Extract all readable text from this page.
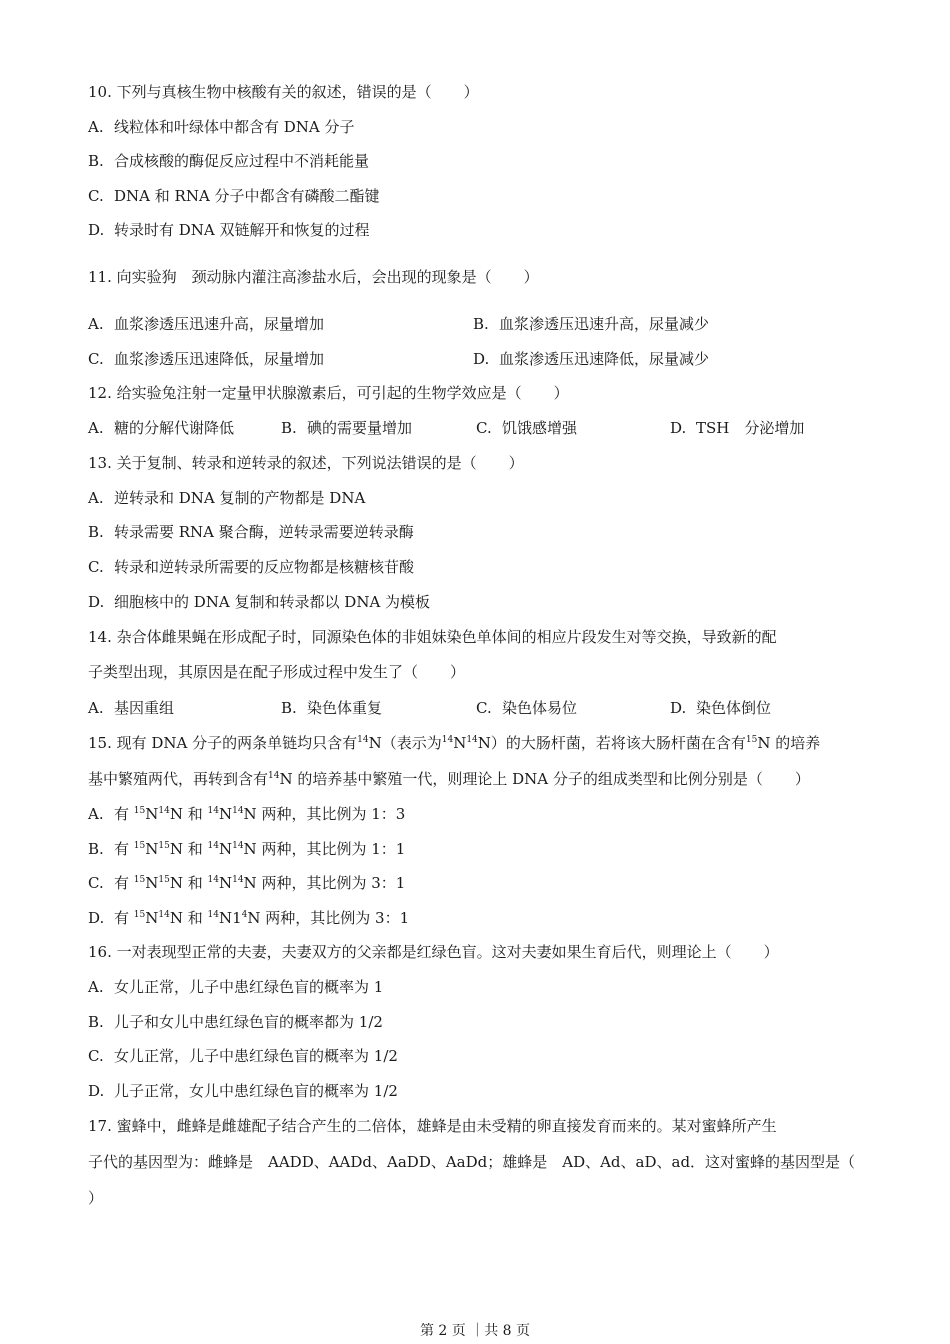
10. 下列与真核生物中核酸有关的叙述，错误的是（ ）
A. 线粒体和叶绿体中都含有 DNA 分子
B. 合成核酸的酶促反应过程中不消耗能量
C. DNA 和 RNA 分子中都含有磷酸二酯键
D. 转录时有 DNA 双链解开和恢复的过程
11. 向实验狗　颈动脉内灌注高渗盐水后，会出现的现象是（ ）
A. 血浆渗透压迅速升高，尿量增加	B. 血浆渗透压迅速升高，尿量减少
C. 血浆渗透压迅速降低，尿量增加	D. 血浆渗透压迅速降低，尿量减少
12. 给实验兔注射一定量甲状腺激素后，可引起的生物学效应是（ ）
A. 糖的分解代谢降低	B. 碘的需要量增加	C. 饥饿感增强	D. TSH　分泌增加
13. 关于复制、转录和逆转录的叙述，下列说法错误的是（ ）
A. 逆转录和 DNA 复制的产物都是 DNA
B. 转录需要 RNA 聚合酶，逆转录需要逆转录酶
C. 转录和逆转录所需要的反应物都是核糖核苷酸
D. 细胞核中的 DNA 复制和转录都以 DNA 为模板
14. 杂合体雌果蝇在形成配子时，同源染色体的非姐妹染色单体间的相应片段发生对等交换，导致新的配
子类型出现，其原因是在配子形成过程中发生了（ ）
A. 基因重组	B. 染色体重复	C. 染色体易位	D. 染色体倒位
15. 现有 DNA 分子的两条单链均只含有$^{14}$N（表示为$^{14}N^{14}N$）的大肠杆菌，若将该大肠杆菌在含有$^{15}$N 的培养
基中繁殖两代，再转到含有$^{14}$N 的培养基中繁殖一代，则理论上 DNA 分子的组成类型和比例分别是（ ）
A. 有 $^{15}N^{14}N$ 和 $^{14}N^{14}N$ 两种，其比例为 1：3
B. 有 $^{15}N^{15}N$ 和 $^{14}N^{14}N$ 两种，其比例为 1：1
C. 有 $^{15}N^{15}N$ 和 $^{14}N^{14}N$ 两种，其比例为 3：1
D. 有 $^{15}N^{14}N$ 和 $^{14}N1^4N$ 两种，其比例为 3：1
16. 一对表现型正常的夫妻，夫妻双方的父亲都是红绿色盲。这对夫妻如果生育后代，则理论上（ ）
A. 女儿正常，儿子中患红绿色盲的概率为 1
B. 儿子和女儿中患红绿色盲的概率都为 1/2
C. 女儿正常，儿子中患红绿色盲的概率为 1/2
D. 儿子正常，女儿中患红绿色盲的概率为 1/2
17. 蜜蜂中，雌蜂是雌雄配子结合产生的二倍体，雄蜂是由未受精的卵直接发育而来的。某对蜜蜂所产生
子代的基因型为：雌蜂是　AADD、AADd、AaDD、AaDd；雄蜂是　AD、Ad、aD、ad．这对蜜蜂的基因型是（
）
第 2 页 ｜共 8 页
